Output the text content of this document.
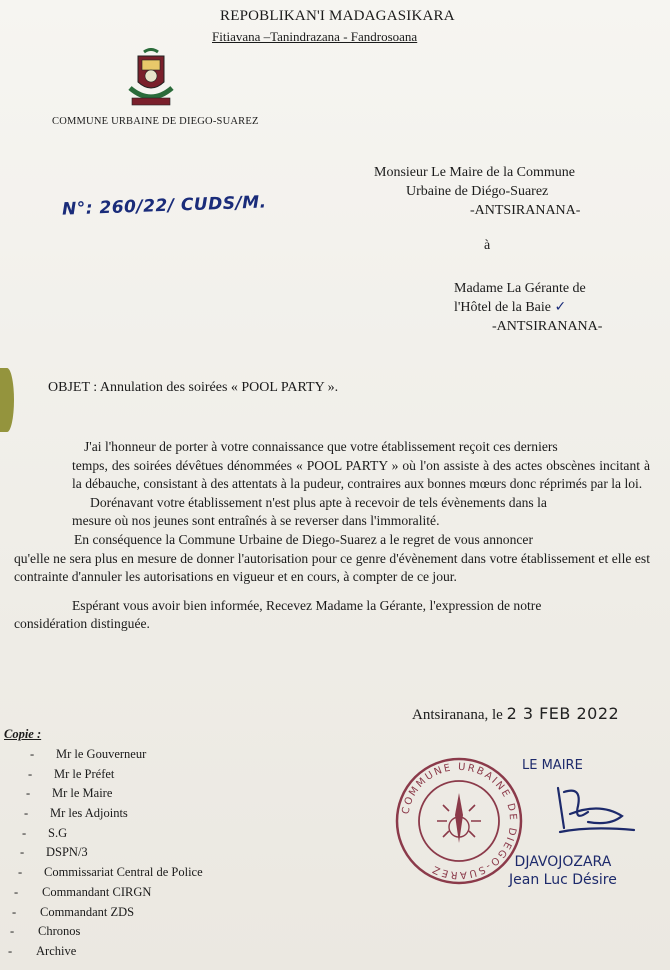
REPOBLIKAN'I MADAGASIKARA
Fitiavana –Tanindrazana - Fandrosoana
COMMUNE URBAINE DE DIEGO-SUAREZ
Monsieur Le Maire de la Commune
Urbaine de Diégo-Suarez
-ANTSIRANANA-
N°: 260/22/ CUDS/M.
à
Madame La Gérante de
l'Hôtel de la Baie ✓
-ANTSIRANANA-
OBJET : Annulation des soirées « POOL PARTY ».

J'ai l'honneur de porter à votre connaissance que votre établissement reçoit ces derniers

temps, des soirées dévêtues dénommées « POOL PARTY » où l'on assiste à des actes obscènes incitant à la débauche, consistant à des attentats à la pudeur, contraires aux bonnes mœurs donc réprimés par la loi.

Dorénavant votre établissement n'est plus apte à recevoir de tels évènements dans la

mesure où nos jeunes sont entraînés à se reverser dans l'immoralité.

En conséquence la Commune Urbaine de Diego-Suarez a le regret de vous annoncer

qu'elle ne sera plus en mesure de donner l'autorisation pour ce genre d'évènement dans votre établissement et elle est contrainte d'annuler les autorisations en vigueur et en cours, à compter de ce jour.

Espérant vous avoir bien informée, Recevez Madame la Gérante, l'expression de notre

considération distinguée.

Antsiranana, le 2 3 FEB 2022
Copie :
- Mr le Gouverneur
- Mr le Préfet
- Mr le Maire
- Mr les Adjoints
- S.G
- DSPN/3
- Commissariat Central de Police
- Commandant CIRGN
- Commandant ZDS
- Chronos
- Archive
COMMUNE URBAINE DE DIEGO-SUAREZ
LE MAIRE
DJAVOJOZARA
Jean Luc Désire
